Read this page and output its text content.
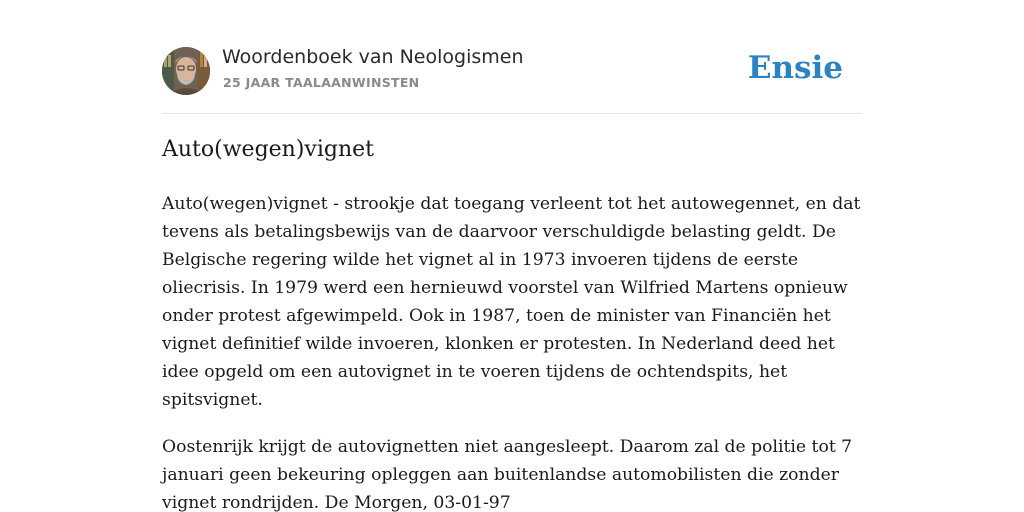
Woordenboek van Neologismen
25 JAAR TAALAANWINSTEN	Ensie
Auto(wegen)vignet

Auto(wegen)vignet - strookje dat toegang verleent tot het autowegennet, en dat
tevens als betalingsbewijs van de daarvoor verschuldigde belasting geldt. De
Belgische regering wilde het vignet al in 1973 invoeren tijdens de eerste
oliecrisis. In 1979 werd een hernieuwd voorstel van Wilfried Martens opnieuw
onder protest afgewimpeld. Ook in 1987, toen de minister van Financiën het
vignet definitief wilde invoeren, klonken er protesten. In Nederland deed het
idee opgeld om een autovignet in te voeren tijdens de ochtendspits, het
spitsvignet.

Oostenrijk krijgt de autovignetten niet aangesleept. Daarom zal de politie tot 7
januari geen bekeuring opleggen aan buitenlandse automobilisten die zonder
vignet rondrijden. De Morgen, 03-01-97
